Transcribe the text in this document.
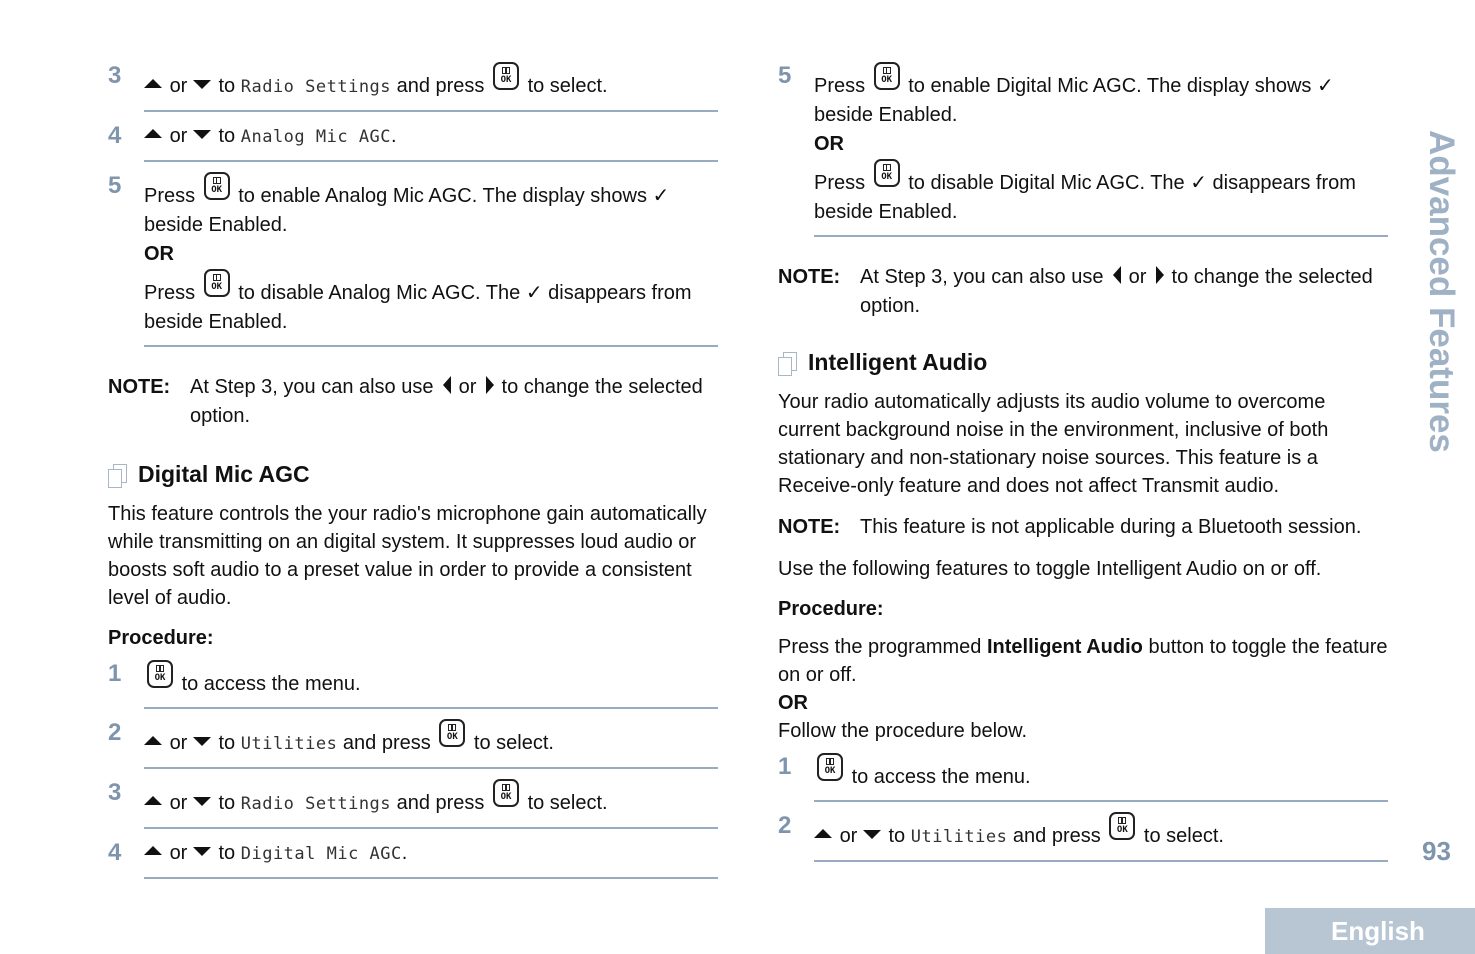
3	or to Radio Settings and press	OK to select.
4	or to Analog Mic AGC.
5 Press	OK to enable Analog Mic AGC. The display shows ✓ beside Enabled.
OR
Press	OK to disable Analog Mic AGC. The ✓ disappears from beside Enabled.
NOTE: At Step 3, you can also use or to change the selected option.
Digital Mic AGC
This feature controls the your radio's microphone gain automatically while transmitting on an digital system. It suppresses loud audio or boosts soft audio to a preset value in order to provide a consistent level of audio.
Procedure:
1	OK to access the menu.
2	or to Utilities and press	OK to select.
3	or to Radio Settings and press	OK to select.
4	or to Digital Mic AGC.
5 Press	OK to enable Digital Mic AGC. The display shows ✓ beside Enabled.
OR
Press	OK to disable Digital Mic AGC. The ✓ disappears from beside Enabled.
NOTE: At Step 3, you can also use or to change the selected option.
Intelligent Audio
Your radio automatically adjusts its audio volume to overcome current background noise in the environment, inclusive of both stationary and non-stationary noise sources. This feature is a Receive-only feature and does not affect Transmit audio.
NOTE: This feature is not applicable during a Bluetooth session.
Use the following features to toggle Intelligent Audio on or off.
Procedure:
Press the programmed Intelligent Audio button to toggle the feature on or off.
OR
Follow the procedure below.
1	OK to access the menu.
2	or to Utilities and press	OK to select.
Advanced Features
93
English
